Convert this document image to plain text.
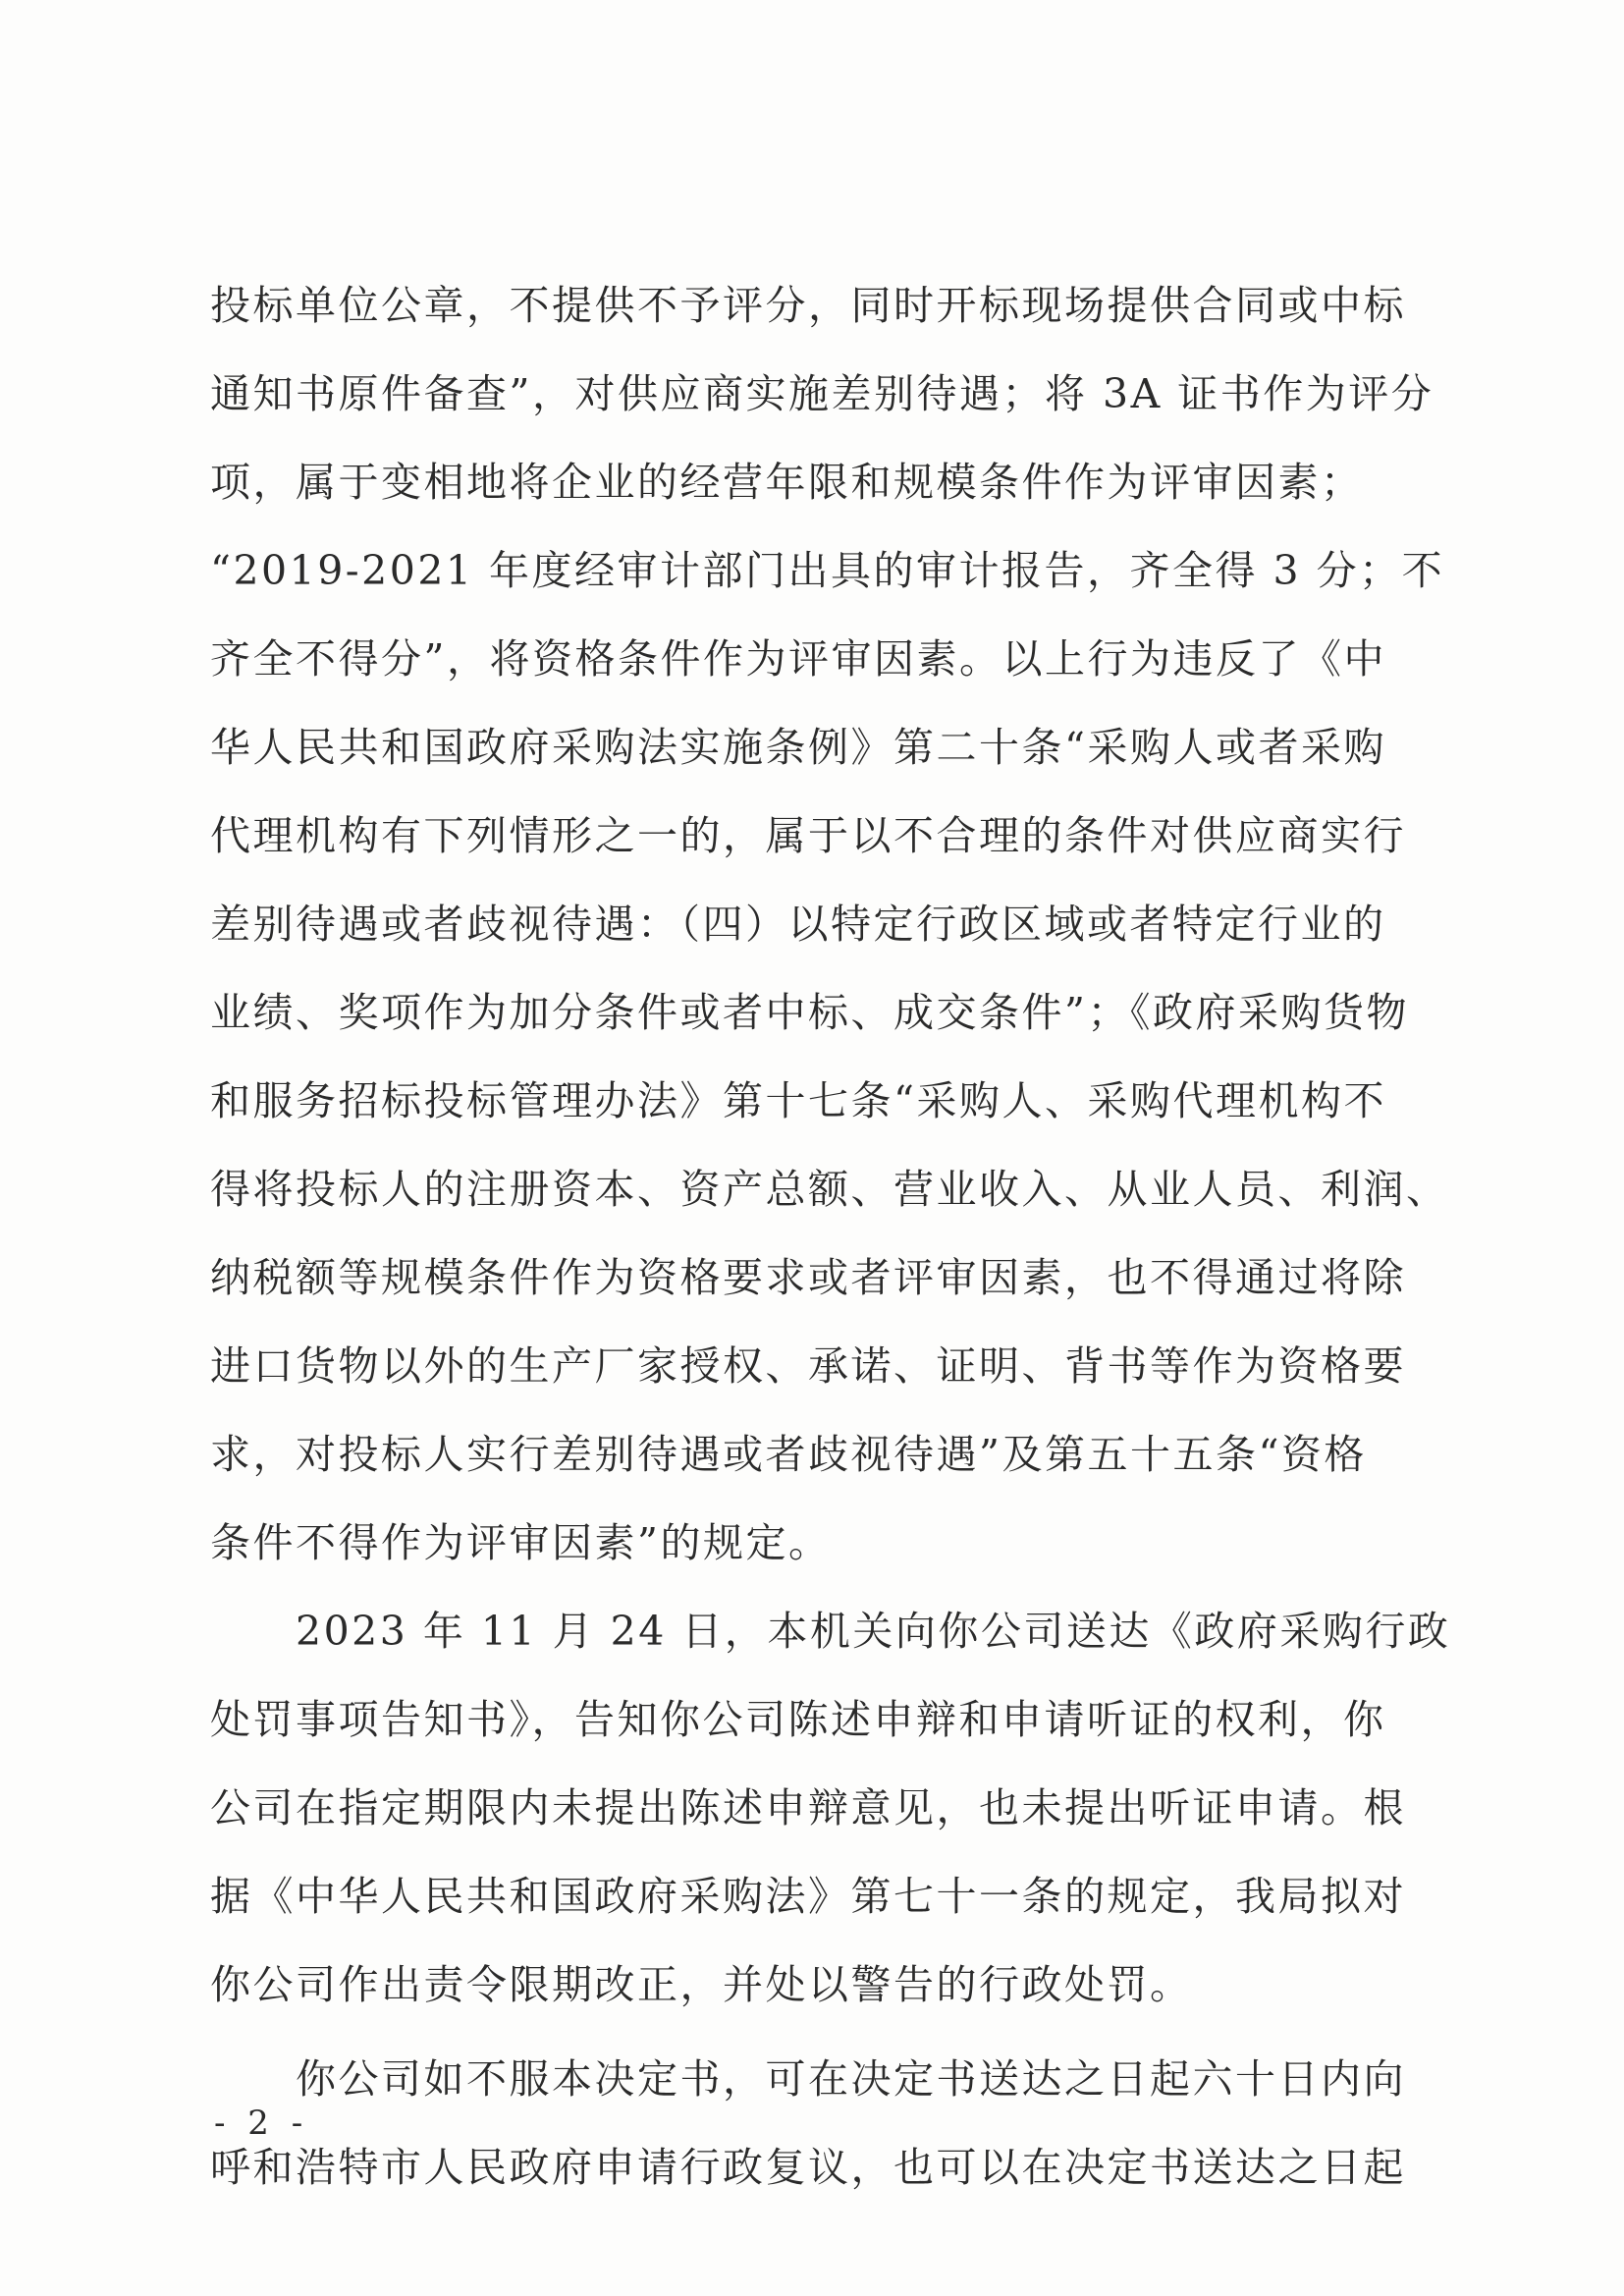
投标单位公章，不提供不予评分，同时开标现场提供合同或中标
通知书原件备查”，对供应商实施差别待遇；将 3A 证书作为评分
项，属于变相地将企业的经营年限和规模条件作为评审因素；
“2019-2021 年度经审计部门出具的审计报告，齐全得 3 分；不
齐全不得分”，将资格条件作为评审因素。以上行为违反了《中
华人民共和国政府采购法实施条例》第二十条“采购人或者采购
代理机构有下列情形之一的，属于以不合理的条件对供应商实行
差别待遇或者歧视待遇：（四）以特定行政区域或者特定行业的
业绩、奖项作为加分条件或者中标、成交条件”；《政府采购货物
和服务招标投标管理办法》第十七条“采购人、采购代理机构不
得将投标人的注册资本、资产总额、营业收入、从业人员、利润、
纳税额等规模条件作为资格要求或者评审因素，也不得通过将除
进口货物以外的生产厂家授权、承诺、证明、背书等作为资格要
求，对投标人实行差别待遇或者歧视待遇”及第五十五条“资格
条件不得作为评审因素”的规定。
　　2023 年 11 月 24 日，本机关向你公司送达《政府采购行政
处罚事项告知书》，告知你公司陈述申辩和申请听证的权利，你
公司在指定期限内未提出陈述申辩意见，也未提出听证申请。根
据《中华人民共和国政府采购法》第七十一条的规定，我局拟对
你公司作出责令限期改正，并处以警告的行政处罚。
　　你公司如不服本决定书，可在决定书送达之日起六十日内向
呼和浩特市人民政府申请行政复议，也可以在决定书送达之日起
- 2 -
